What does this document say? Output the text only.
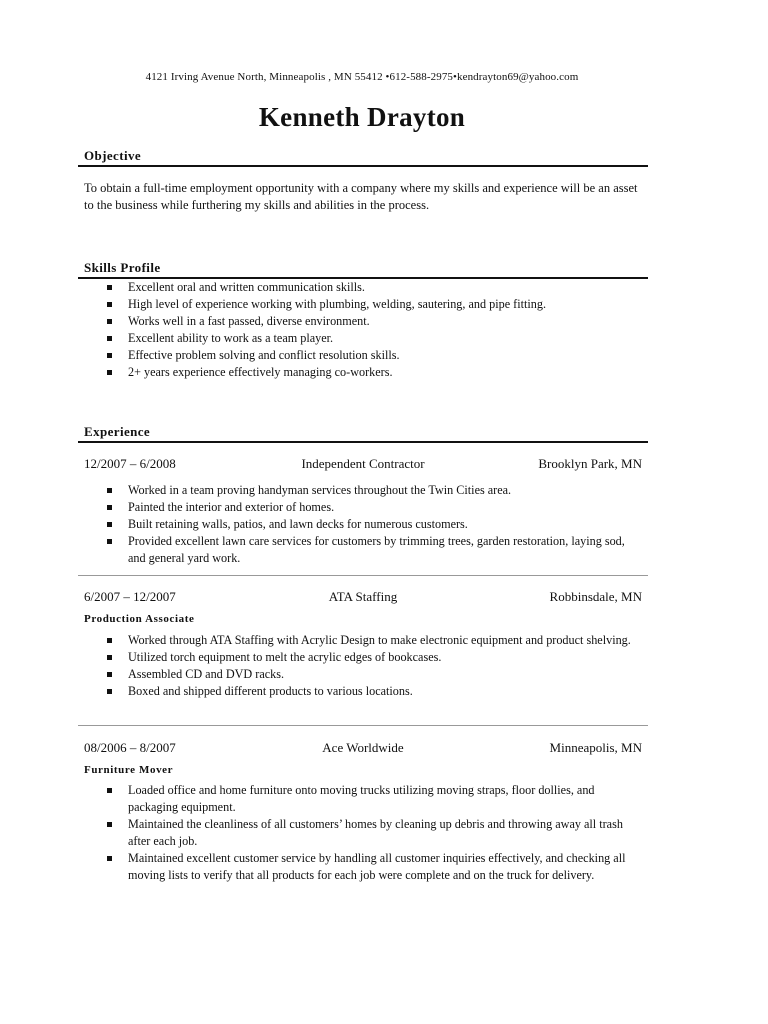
4121 Irving Avenue North, Minneapolis , MN 55412 •612-588-2975•kendrayton69@yahoo.com
Kenneth Drayton
Objective
To obtain a full-time employment opportunity with a company where my skills and experience will be an asset to the business while furthering my skills and abilities in the process.
Skills Profile
Excellent oral and written communication skills.
High level of experience working with plumbing, welding, sautering, and pipe fitting.
Works well in a fast passed, diverse environment.
Excellent ability to work as a team player.
Effective problem solving and conflict resolution skills.
2+ years experience effectively managing co-workers.
Experience
12/2007 – 6/2008	Independent Contractor	Brooklyn Park, MN
Worked in a team proving handyman services throughout the Twin Cities area.
Painted the interior and exterior of homes.
Built retaining walls, patios, and lawn decks for numerous customers.
Provided excellent lawn care services for customers by trimming trees, garden restoration, laying sod, and general yard work.
6/2007 – 12/2007	ATA Staffing	Robbinsdale, MN
Production Associate
Worked through ATA Staffing with Acrylic Design to make electronic equipment and product shelving.
Utilized torch equipment to melt the acrylic edges of bookcases.
Assembled CD and DVD racks.
Boxed and shipped different products to various locations.
08/2006 – 8/2007	Ace Worldwide	Minneapolis, MN
Furniture Mover
Loaded office and home furniture onto moving trucks utilizing moving straps, floor dollies, and packaging equipment.
Maintained the cleanliness of all customers’ homes by cleaning up debris and throwing away all trash after each job.
Maintained excellent customer service by handling all customer inquiries effectively, and checking all moving lists to verify that all products for each job were complete and on the truck for delivery.
